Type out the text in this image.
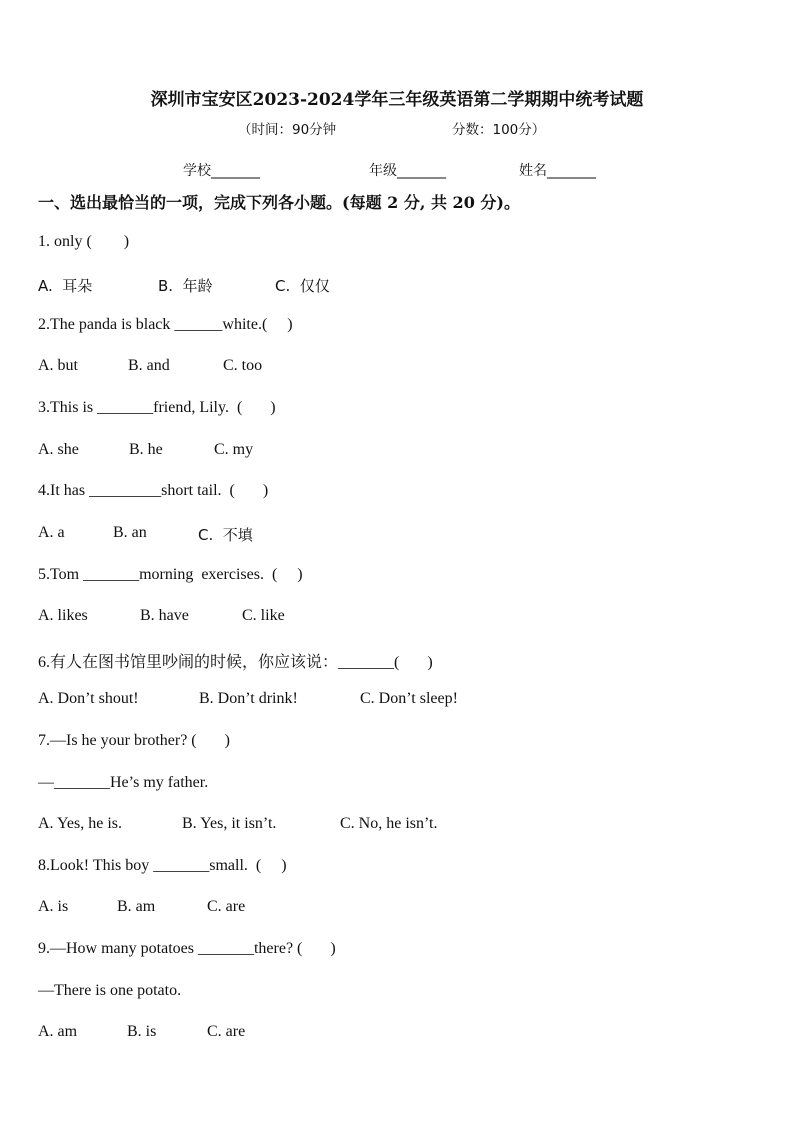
深圳市宝安区2023-2024学年三年级英语第二学期期中统考试题
（时间：90分钟	分数：100分）
学校_______	年级_______	姓名_______
一、选出最恰当的一项，完成下列各小题。(每题 2 分, 共 20 分)。
1. only (        )
A.  耳朵	B.  年龄	C.  仅仅
2.The panda is black ______white.(     )
A. but	B. and	C. too
3.This is _______friend, Lily.  (       )
A. she	B. he	C. my
4.It has _________short tail.  (       )
A. a	B. an	C.  不填
5.Tom _______morning  exercises.  (     )
A. likes	B. have	C. like
6.有人在图书馆里吵闹的时候，你应该说：_______(       )
A. Don’t shout!	B. Don’t drink!	C. Don’t sleep!
7.—Is he your brother? (       )
—_______He’s my father.
A. Yes, he is.	B. Yes, it isn’t.	C. No, he isn’t.
8.Look! This boy _______small.  (     )
A. is	B. am	C. are
9.—How many potatoes _______there? (       )
—There is one potato.
A. am	B. is	C. are
